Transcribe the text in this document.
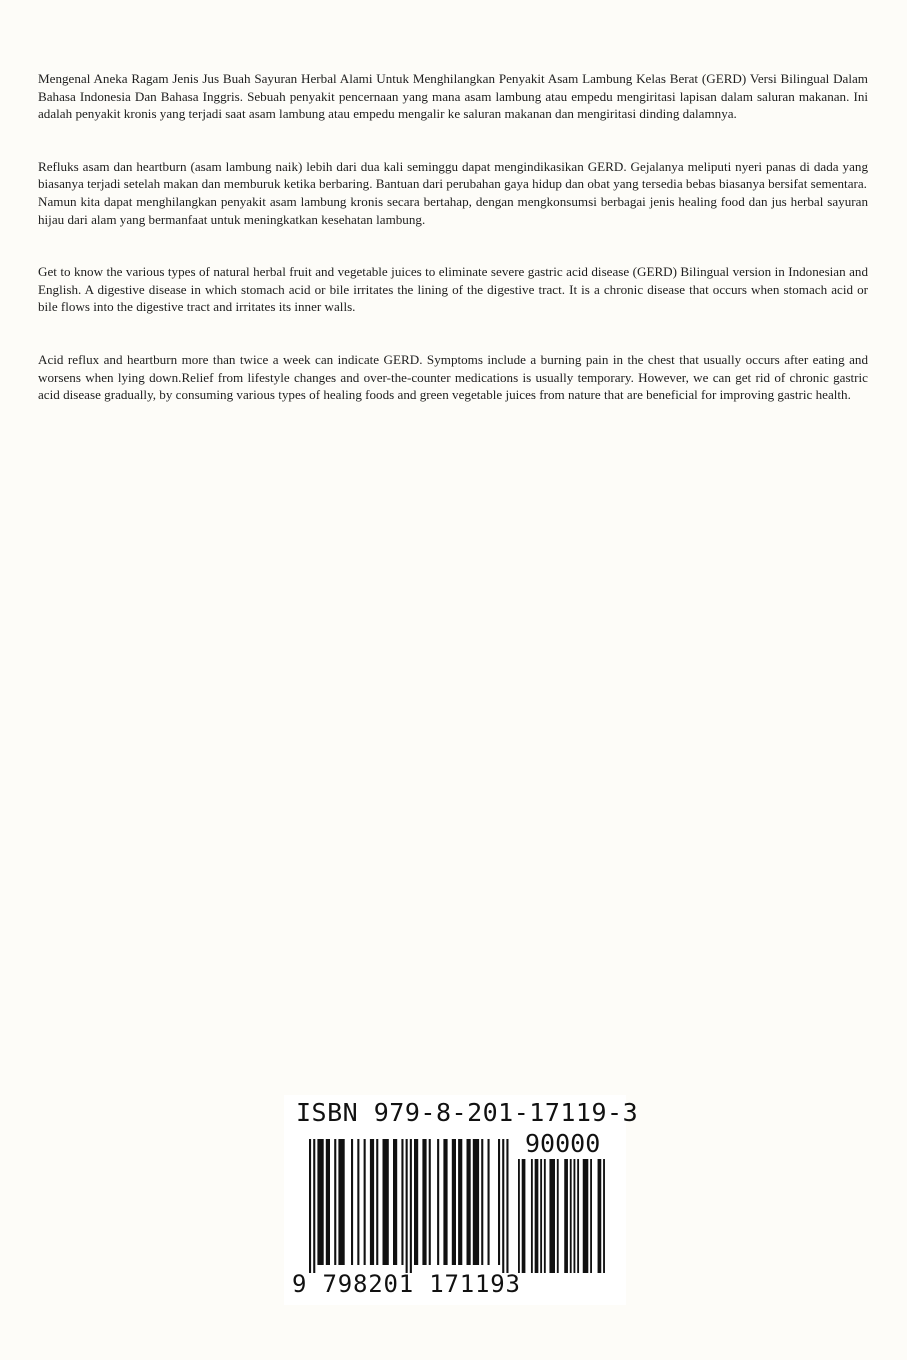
Mengenal Aneka Ragam Jenis Jus Buah Sayuran Herbal Alami Untuk Menghilangkan Penyakit Asam Lambung Kelas Berat (GERD) Versi Bilingual Dalam Bahasa Indonesia Dan Bahasa Inggris. Sebuah penyakit pencernaan yang mana asam lambung atau empedu mengiritasi lapisan dalam saluran makanan. Ini adalah penyakit kronis yang terjadi saat asam lambung atau empedu mengalir ke saluran makanan dan mengiritasi dinding dalamnya.

Refluks asam dan heartburn (asam lambung naik) lebih dari dua kali seminggu dapat mengindikasikan GERD. Gejalanya meliputi nyeri panas di dada yang biasanya terjadi setelah makan dan memburuk ketika berbaring. Bantuan dari perubahan gaya hidup dan obat yang tersedia bebas biasanya bersifat sementara.

Namun kita dapat menghilangkan penyakit asam lambung kronis secara bertahap, dengan mengkonsumsi berbagai jenis healing food dan jus herbal sayuran hijau dari alam yang bermanfaat untuk meningkatkan kesehatan lambung.

Get to know the various types of natural herbal fruit and vegetable juices to eliminate severe gastric acid disease (GERD) Bilingual version in Indonesian and English. A digestive disease in which stomach acid or bile irritates the lining of the digestive tract. It is a chronic disease that occurs when stomach acid or bile flows into the digestive tract and irritates its inner walls.

Acid reflux and heartburn more than twice a week can indicate GERD. Symptoms include a burning pain in the chest that usually occurs after eating and worsens when lying down.Relief from lifestyle changes and over-the-counter medications is usually temporary. However, we can get rid of chronic gastric acid disease gradually, by consuming various types of healing foods and green vegetable juices from nature that are beneficial for improving gastric health.

ISBN 979-8-201-17119-3
90000
9 798201 171193
